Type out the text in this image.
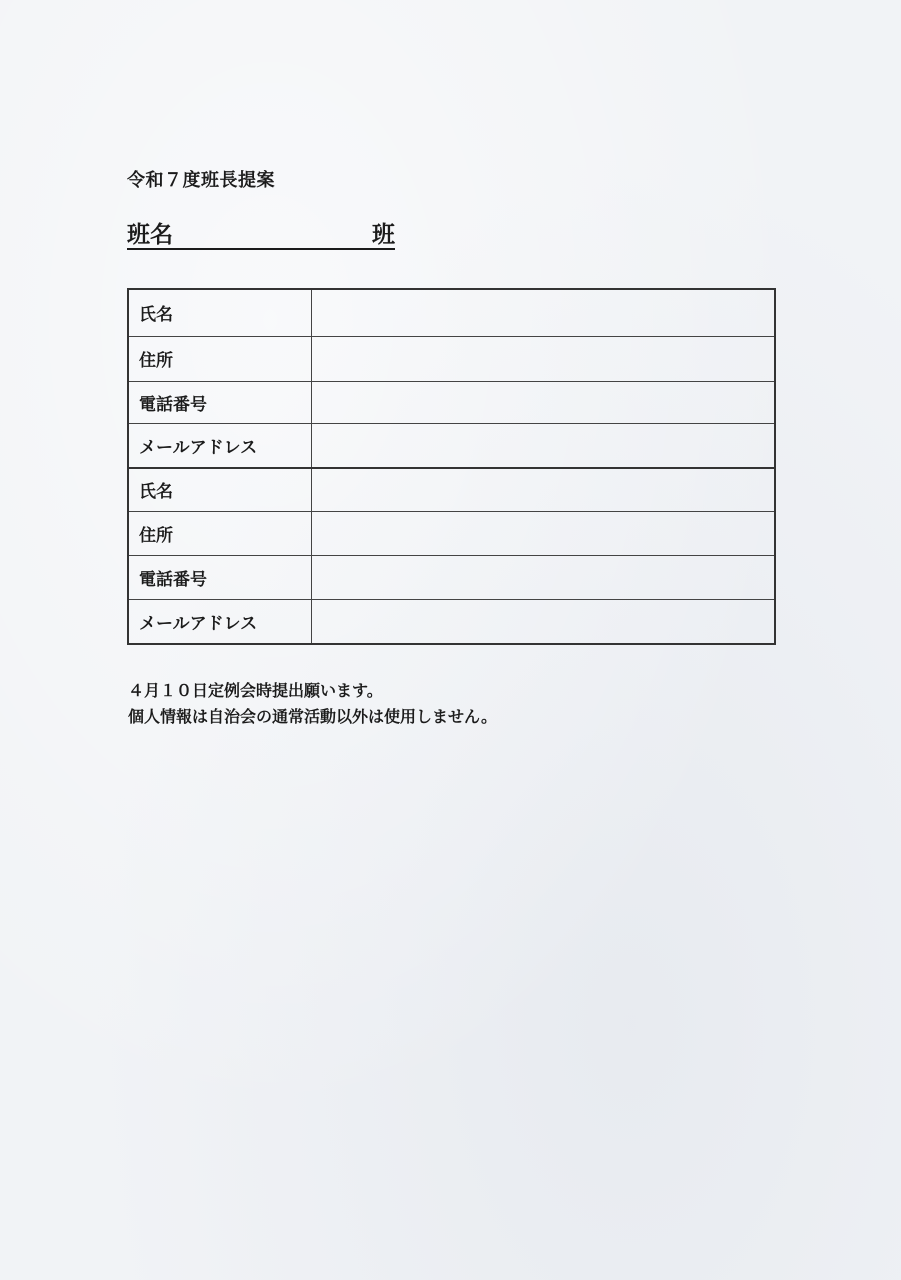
令和７度班長提案
班名	班
氏名	
住所	
電話番号	
メールアドレス	
氏名	
住所	
電話番号	
メールアドレス	
４月１０日定例会時提出願います。
個人情報は自治会の通常活動以外は使用しません。
